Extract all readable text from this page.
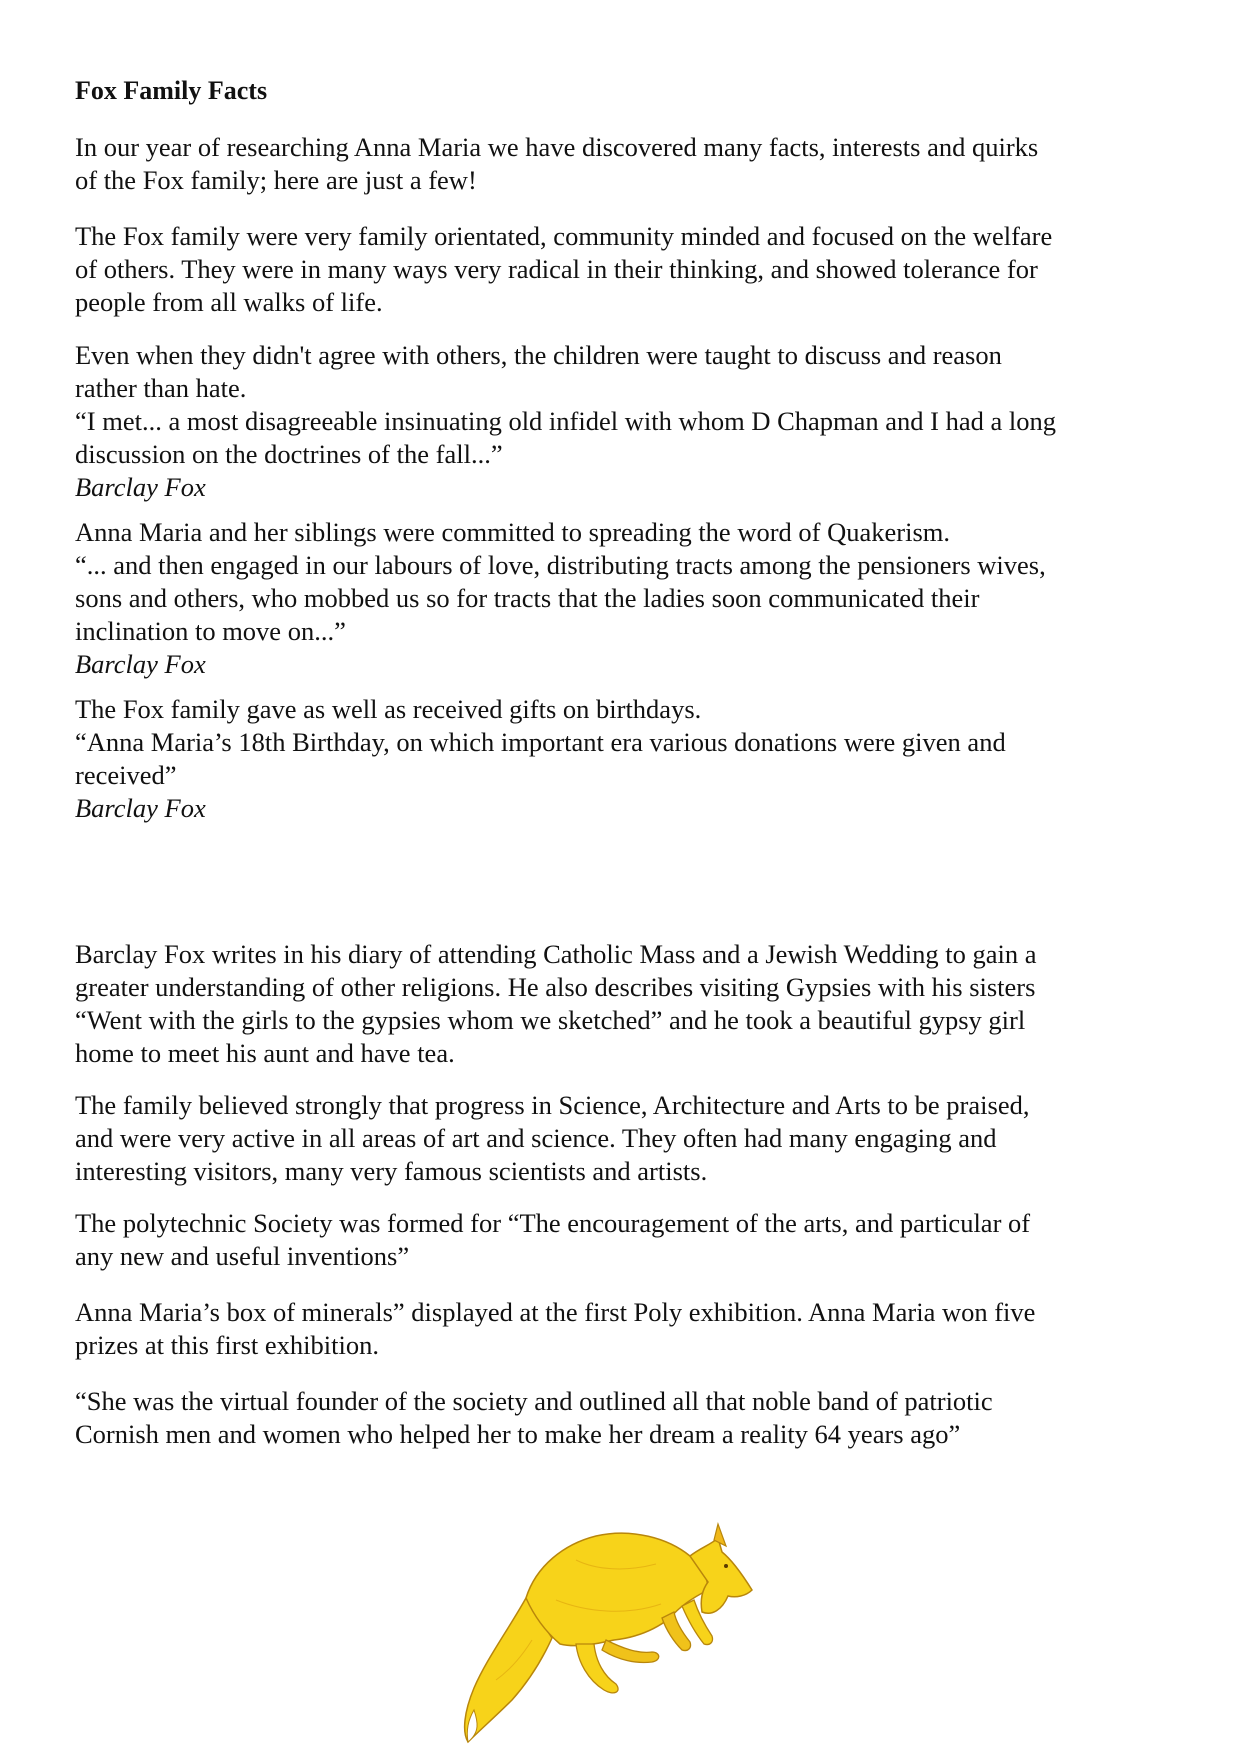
Fox Family Facts
In our year of researching Anna Maria we have discovered many facts, interests and quirks
of the Fox family; here are just a few!
The Fox family were very family orientated, community minded and focused on the welfare
of others. They were in many ways very radical in their thinking, and showed tolerance for
people from all walks of life.
Even when they didn't agree with others, the children were taught to discuss and reason
rather than hate.
“I met... a most disagreeable insinuating old infidel with whom D Chapman and I had a long
discussion on the doctrines of the fall...”
Barclay Fox
Anna Maria and her siblings were committed to spreading the word of Quakerism.
“... and then engaged in our labours of love, distributing tracts among the pensioners wives,
sons and others, who mobbed us so for tracts that the ladies soon communicated their
inclination to move on...”
Barclay Fox
The Fox family gave as well as received gifts on birthdays.
“Anna Maria’s 18th Birthday, on which important era various donations were given and
received”
Barclay Fox
Barclay Fox writes in his diary of attending Catholic Mass and a Jewish Wedding to gain a
greater understanding of other religions. He also describes visiting Gypsies with his sisters
“Went with the girls to the gypsies whom we sketched” and he took a beautiful gypsy girl
home to meet his aunt and have tea.
The family believed strongly that progress in Science, Architecture and Arts to be praised,
and were very active in all areas of art and science. They often had many engaging and
interesting visitors, many very famous scientists and artists.
The polytechnic Society was formed for “The encouragement of the arts, and particular of
any new and useful inventions”
Anna Maria’s box of minerals” displayed at the first Poly exhibition. Anna Maria won five
prizes at this first exhibition.
“She was the virtual founder of the society and outlined all that noble band of patriotic
Cornish men and women who helped her to make her dream a reality 64 years ago”
